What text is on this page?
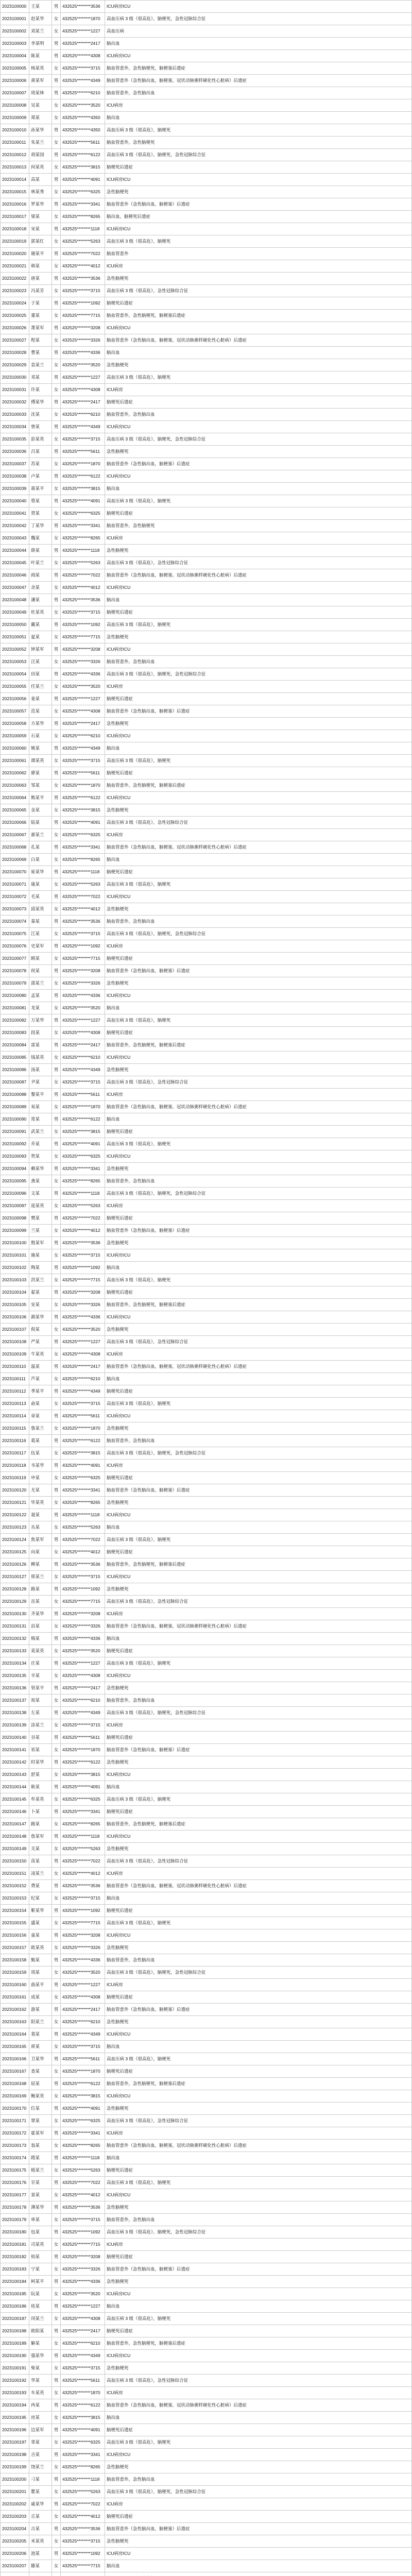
2023100000	王某	男	432525********3536	ICU病房ICU
2023100001	赵某华	女	432525********1870	高血压病 3 级（很高危），脑梗死，急性冠脉综合征
2023100002	刘某兰	女	432525********1227	高血压病
2023100003	李某明	男	432525********2417	脑出血
2023100004	陈某	男	432525********4308	ICU病房ICU
2023100005	杨某英	女	432525********3715	脑血管意外，急性脑梗死，脑梗塞后遗症
2023100006	黄某军	男	432525********4349	脑血管意外（急性脑出血，脑梗塞，冠状动脉粥样硬化性心脏病）后遗症
2023100007	周某林	男	432525********6210	脑血管意外，急性脑出血
2023100008	吴某	女	432525********3520	ICU病房
2023100009	郑某	女	432525********4350	脑出血
2023100010	孙某华	男	432525********4350	高血压病 3 级（很高危），脑梗死
2023100011	朱某兰	女	432525********5611	脑血管意外，急性脑梗死
2023100012	胡某国	男	432525********6122	高血压病 3 级（很高危），脑梗死，急性冠脉综合征
2023100013	何某英	女	432525********3815	脑梗死后遗症
2023100014	高某	男	432525********4091	ICU病房ICU
2023100015	林某秀	女	432525********6325	急性脑梗死
2023100016	罗某华	男	432525********3341	脑血管意外（急性脑出血，脑梗塞）后遗症
2023100017	梁某	女	432525********8265	脑出血，脑梗死后遗症
2023100018	宋某	男	432525********1118	ICU病房ICU
2023100019	郭某红	女	432525********5263	高血压病 3 级（很高危），脑梗死
2023100020	谢某平	男	432525********7022	脑血管意外
2023100021	韩某	女	432525********4012	ICU病房
2023100022	唐某	男	432525********3536	急性脑梗死
2023100023	冯某芳	女	432525********3715	高血压病 3 级（很高危），急性冠脉综合征
2023100024	于某	男	432525********1092	脑梗死后遗症
2023100025	董某	女	432525********7715	脑血管意外，急性脑梗死，脑梗塞后遗症
2023100026	萧某军	男	432525********3208	ICU病房ICU
2023100027	程某	女	432525********3326	脑血管意外（急性脑出血，脑梗塞，冠状动脉粥样硬化性心脏病）后遗症
2023100028	曹某	男	432525********4336	脑出血
2023100029	袁某兰	女	432525********3520	急性脑梗死
2023100030	邓某	男	432525********1227	高血压病 3 级（很高危），脑梗死
2023100031	许某	女	432525********4308	ICU病房
2023100032	傅某华	男	432525********2417	脑梗死后遗症
2023100033	沈某	女	432525********6210	脑血管意外，急性脑出血
2023100034	曾某	男	432525********4349	ICU病房ICU
2023100035	彭某英	女	432525********3715	高血压病 3 级（很高危），脑梗死，急性冠脉综合征
2023100036	吕某	男	432525********5611	急性脑梗死
2023100037	苏某	女	432525********1870	脑血管意外（急性脑出血，脑梗塞）后遗症
2023100038	卢某	男	432525********6122	ICU病房ICU
2023100039	蒋某平	女	432525********3815	脑出血
2023100040	蔡某	男	432525********4091	高血压病 3 级（很高危），脑梗死
2023100041	贾某	女	432525********6325	脑梗死后遗症
2023100042	丁某华	男	432525********3341	脑血管意外，急性脑梗死
2023100043	魏某	女	432525********8265	ICU病房
2023100044	薛某	男	432525********1118	急性脑梗死
2023100045	叶某兰	女	432525********5263	高血压病 3 级（很高危），急性冠脉综合征
2023100046	阎某	男	432525********7022	脑血管意外（急性脑出血，脑梗塞，冠状动脉粥样硬化性心脏病）后遗症
2023100047	余某	女	432525********4012	ICU病房ICU
2023100048	潘某	男	432525********3536	脑出血
2023100049	杜某英	女	432525********3715	脑梗死后遗症
2023100050	戴某	男	432525********1092	高血压病 3 级（很高危），脑梗死
2023100051	夏某	女	432525********7715	急性脑梗死
2023100052	钟某军	男	432525********3208	ICU病房ICU
2023100053	汪某	女	432525********3326	脑血管意外，急性脑出血
2023100054	田某	男	432525********4336	高血压病 3 级（很高危），脑梗死，急性冠脉综合征
2023100055	任某兰	女	432525********3520	ICU病房
2023100056	姜某	男	432525********1227	脑梗死后遗症
2023100057	范某	女	432525********4308	脑血管意外（急性脑出血，脑梗塞）后遗症
2023100058	方某华	男	432525********2417	急性脑梗死
2023100059	石某	女	432525********6210	ICU病房ICU
2023100060	姚某	男	432525********4349	脑出血
2023100061	谭某英	女	432525********3715	高血压病 3 级（很高危），脑梗死
2023100062	廖某	男	432525********5611	脑梗死后遗症
2023100063	邹某	女	432525********1870	脑血管意外，急性脑梗死，脑梗塞后遗症
2023100064	熊某平	男	432525********6122	ICU病房ICU
2023100065	金某	女	432525********3815	急性脑梗死
2023100066	陆某	男	432525********4091	高血压病 3 级（很高危），急性冠脉综合征
2023100067	郝某兰	女	432525********6325	ICU病房
2023100068	孔某	男	432525********3341	脑血管意外（急性脑出血，脑梗塞，冠状动脉粥样硬化性心脏病）后遗症
2023100069	白某	女	432525********8265	脑出血
2023100070	崔某华	男	432525********1118	脑梗死后遗症
2023100071	康某	女	432525********5263	高血压病 3 级（很高危），脑梗死
2023100072	毛某	男	432525********7022	ICU病房ICU
2023100073	邱某英	女	432525********4012	急性脑梗死
2023100074	秦某	男	432525********3536	脑血管意外，急性脑出血
2023100075	江某	女	432525********3715	高血压病 3 级（很高危），脑梗死，急性冠脉综合征
2023100076	史某军	男	432525********1092	ICU病房
2023100077	顾某	女	432525********7715	脑梗死后遗症
2023100078	侯某	男	432525********3208	脑血管意外（急性脑出血，脑梗塞）后遗症
2023100079	邵某兰	女	432525********3326	急性脑梗死
2023100080	孟某	男	432525********4336	ICU病房ICU
2023100081	龙某	女	432525********3520	脑出血
2023100082	万某华	男	432525********1227	高血压病 3 级（很高危），脑梗死
2023100083	段某	女	432525********4308	脑梗死后遗症
2023100084	雷某	男	432525********2417	脑血管意外，急性脑梗死，脑梗塞后遗症
2023100085	钱某英	女	432525********6210	ICU病房ICU
2023100086	汤某	男	432525********4349	急性脑梗死
2023100087	尹某	女	432525********3715	高血压病 3 级（很高危），急性冠脉综合征
2023100088	黎某平	男	432525********5611	ICU病房
2023100089	易某	女	432525********1870	脑血管意外（急性脑出血，脑梗塞，冠状动脉粥样硬化性心脏病）后遗症
2023100090	常某	男	432525********6122	脑出血
2023100091	武某兰	女	432525********3815	脑梗死后遗症
2023100092	乔某	男	432525********4091	高血压病 3 级（很高危），脑梗死
2023100093	贺某	女	432525********6325	ICU病房ICU
2023100094	赖某华	男	432525********3341	急性脑梗死
2023100095	龚某	女	432525********8265	脑血管意外，急性脑出血
2023100096	文某	男	432525********1118	高血压病 3 级（很高危），脑梗死，急性冠脉综合征
2023100097	庞某英	女	432525********5263	ICU病房
2023100098	樊某	男	432525********7022	脑梗死后遗症
2023100099	兰某	女	432525********4012	脑血管意外（急性脑出血，脑梗塞）后遗症
2023100100	殷某军	男	432525********3536	急性脑梗死
2023100101	施某	女	432525********3715	ICU病房ICU
2023100102	陶某	男	432525********1092	脑出血
2023100103	洪某兰	女	432525********7715	高血压病 3 级（很高危），脑梗死
2023100104	翟某	男	432525********3208	脑梗死后遗症
2023100105	安某	女	432525********3326	脑血管意外，急性脑梗死，脑梗塞后遗症
2023100106	颜某华	男	432525********4336	ICU病房ICU
2023100107	倪某	女	432525********3520	急性脑梗死
2023100108	严某	男	432525********1227	高血压病 3 级（很高危），急性冠脉综合征
2023100109	牛某英	女	432525********4308	ICU病房
2023100110	温某	男	432525********2417	脑血管意外（急性脑出血，脑梗塞，冠状动脉粥样硬化性心脏病）后遗症
2023100111	芦某	女	432525********6210	脑出血
2023100112	季某平	男	432525********4349	脑梗死后遗症
2023100113	俞某	女	432525********3715	高血压病 3 级（很高危），脑梗死
2023100114	章某	男	432525********5611	ICU病房ICU
2023100115	鲁某兰	女	432525********1870	急性脑梗死
2023100116	葛某	男	432525********6122	脑血管意外，急性脑出血
2023100117	伍某	女	432525********3815	高血压病 3 级（很高危），脑梗死，急性冠脉综合征
2023100118	韦某华	男	432525********4091	ICU病房
2023100119	申某	女	432525********6325	脑梗死后遗症
2023100120	尤某	男	432525********3341	脑血管意外（急性脑出血，脑梗塞）后遗症
2023100121	毕某英	女	432525********8265	急性脑梗死
2023100122	聂某	男	432525********1118	ICU病房ICU
2023100123	丛某	女	432525********5263	脑出血
2023100124	焦某军	男	432525********7022	高血压病 3 级（很高危），脑梗死
2023100125	向某	女	432525********4012	脑梗死后遗症
2023100126	柳某	男	432525********3536	脑血管意外，急性脑梗死，脑梗塞后遗症
2023100127	邢某兰	女	432525********3715	ICU病房ICU
2023100128	路某	男	432525********1092	急性脑梗死
2023100129	岳某	女	432525********7715	高血压病 3 级（很高危），急性冠脉综合征
2023100130	齐某华	男	432525********3208	ICU病房
2023100131	沿某	女	432525********3326	脑血管意外（急性脑出血，脑梗塞，冠状动脉粥样硬化性心脏病）后遗症
2023100132	梅某	男	432525********4336	脑出血
2023100133	莫某英	女	432525********3520	脑梗死后遗症
2023100134	庄某	男	432525********1227	高血压病 3 级（很高危），脑梗死
2023100135	辛某	女	432525********4308	ICU病房ICU
2023100136	管某平	男	432525********2417	急性脑梗死
2023100137	祝某	女	432525********6210	脑血管意外，急性脑出血
2023100138	左某	男	432525********4349	高血压病 3 级（很高危），脑梗死，急性冠脉综合征
2023100139	涂某兰	女	432525********3715	ICU病房
2023100140	谷某	男	432525********5611	脑梗死后遗症
2023100141	祁某	女	432525********1870	脑血管意外（急性脑出血，脑梗塞）后遗症
2023100142	时某华	男	432525********6122	急性脑梗死
2023100143	舒某	女	432525********3815	ICU病房ICU
2023100144	耿某	男	432525********4091	脑出血
2023100145	牟某英	女	432525********6325	高血压病 3 级（很高危），脑梗死
2023100146	卜某	男	432525********3341	脑梗死后遗症
2023100147	路某	女	432525********8265	脑血管意外，急性脑梗死，脑梗塞后遗症
2023100148	詹某军	男	432525********1118	ICU病房ICU
2023100149	关某	女	432525********5263	急性脑梗死
2023100150	苗某	男	432525********7022	高血压病 3 级（很高危），急性冠脉综合征
2023100151	凌某兰	女	432525********4012	ICU病房
2023100152	费某	男	432525********3536	脑血管意外（急性脑出血，脑梗塞，冠状动脉粥样硬化性心脏病）后遗症
2023100153	纪某	女	432525********3715	脑出血
2023100154	靳某华	男	432525********1092	脑梗死后遗症
2023100155	盛某	女	432525********7715	高血压病 3 级（很高危），脑梗死
2023100156	童某	男	432525********3208	ICU病房ICU
2023100157	欧某英	女	432525********3326	急性脑梗死
2023100158	甄某	男	432525********4336	脑血管意外，急性脑出血
2023100159	项某	女	432525********3520	高血压病 3 级（很高危），脑梗死，急性冠脉综合征
2023100160	曲某平	男	432525********1227	ICU病房
2023100161	成某	女	432525********4308	脑梗死后遗症
2023100162	游某	男	432525********2417	脑血管意外（急性脑出血，脑梗塞）后遗症
2023100163	阳某兰	女	432525********6210	急性脑梗死
2023100164	裴某	男	432525********4349	ICU病房ICU
2023100165	席某	女	432525********3715	脑出血
2023100166	卫某华	男	432525********5611	高血压病 3 级（很高危），脑梗死
2023100167	查某	女	432525********1870	脑梗死后遗症
2023100168	屈某	男	432525********6122	脑血管意外，急性脑梗死，脑梗塞后遗症
2023100169	鲍某英	女	432525********3815	ICU病房ICU
2023100170	位某	男	432525********4091	急性脑梗死
2023100171	覃某	女	432525********6325	高血压病 3 级（很高危），急性冠脉综合征
2023100172	霍某军	男	432525********3341	ICU病房
2023100173	翁某	女	432525********8265	脑血管意外（急性脑出血，脑梗塞，冠状动脉粥样硬化性心脏病）后遗症
2023100174	隋某	男	432525********1118	脑出血
2023100175	植某兰	女	432525********5263	脑梗死后遗症
2023100176	甘某	男	432525********7022	高血压病 3 级（很高危），脑梗死
2023100177	景某	女	432525********4012	ICU病房ICU
2023100178	薄某华	男	432525********3536	急性脑梗死
2023100179	单某	女	432525********3715	脑血管意外，急性脑出血
2023100180	包某	男	432525********1092	高血压病 3 级（很高危），脑梗死，急性冠脉综合征
2023100181	司某英	女	432525********7715	ICU病房
2023100182	柏某	男	432525********3208	脑梗死后遗症
2023100183	宁某	女	432525********3326	脑血管意外（急性脑出血，脑梗塞）后遗症
2023100184	柯某平	男	432525********4336	急性脑梗死
2023100185	阮某	女	432525********3520	ICU病房ICU
2023100186	桂某	男	432525********1227	脑出血
2023100187	闵某兰	女	432525********4308	高血压病 3 级（很高危），脑梗死
2023100188	欧阳某	男	432525********2417	脑梗死后遗症
2023100189	解某	女	432525********6210	脑血管意外，急性脑梗死，脑梗塞后遗症
2023100190	强某华	男	432525********4349	ICU病房ICU
2023100191	柴某	女	432525********3715	急性脑梗死
2023100192	华某	男	432525********5611	高血压病 3 级（很高危），急性冠脉综合征
2023100193	车某英	女	432525********1870	ICU病房
2023100194	冉某	男	432525********6122	脑血管意外（急性脑出血，脑梗塞，冠状动脉粥样硬化性心脏病）后遗症
2023100195	房某	女	432525********3815	脑出血
2023100196	边某军	男	432525********4091	脑梗死后遗症
2023100197	辜某	女	432525********6325	高血压病 3 级（很高危），脑梗死
2023100198	吉某	男	432525********3341	ICU病房ICU
2023100199	饶某兰	女	432525********8265	急性脑梗死
2023100200	刁某	男	432525********1118	脑血管意外，急性脑出血
2023100201	瞿某	女	432525********5263	高血压病 3 级（很高危），脑梗死，急性冠脉综合征
2023100202	戚某华	男	432525********7022	ICU病房
2023100203	丘某	女	432525********4012	脑梗死后遗症
2023100204	古某	男	432525********3536	脑血管意外（急性脑出血，脑梗塞）后遗症
2023100205	米某英	女	432525********3715	急性脑梗死
2023100206	池某	男	432525********1092	ICU病房ICU
2023100207	滕某	女	432525********7715	脑出血
